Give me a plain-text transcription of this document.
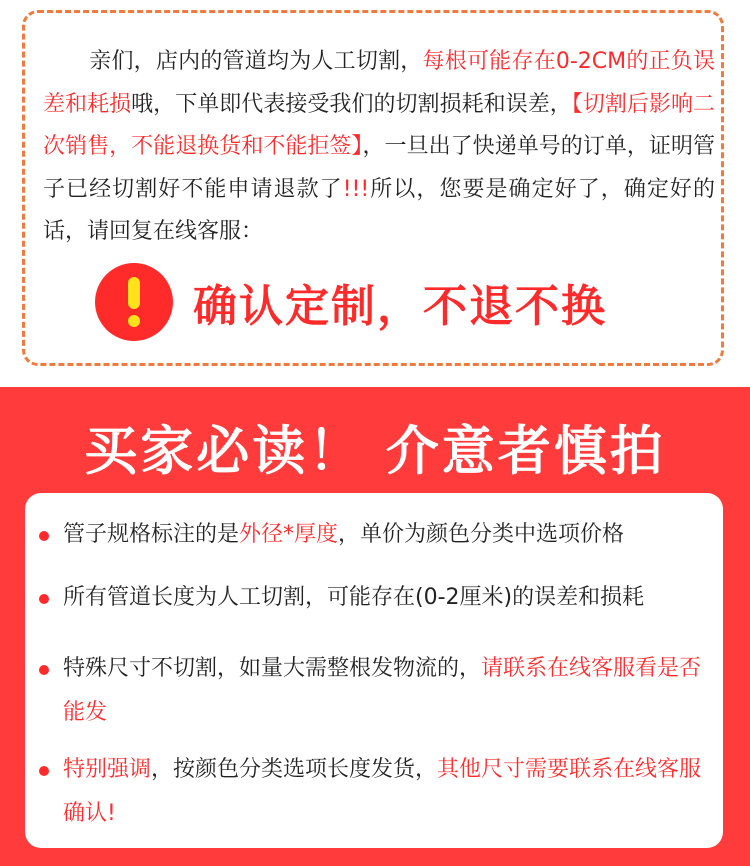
亲们，店内的管道均为人工切割，每根可能存在0-2CM的正负误差和耗损哦，下单即代表接受我们的切割损耗和误差，【切割后影响二次销售，不能退换货和不能拒签】，一旦出了快递单号的订单，证明管子已经切割好不能申请退款了!!!所以，您要是确定好了，确定好的话，请回复在线客服：

确认定制，不退不换
买家必读！ 介意者慎拍
管子规格标注的是外径*厚度，单价为颜色分类中选项价格
所有管道长度为人工切割，可能存在(0-2厘米)的误差和损耗
特殊尺寸不切割，如量大需整根发物流的，请联系在线客服看是否能发
特别强调，按颜色分类选项长度发货，其他尺寸需要联系在线客服确认!
